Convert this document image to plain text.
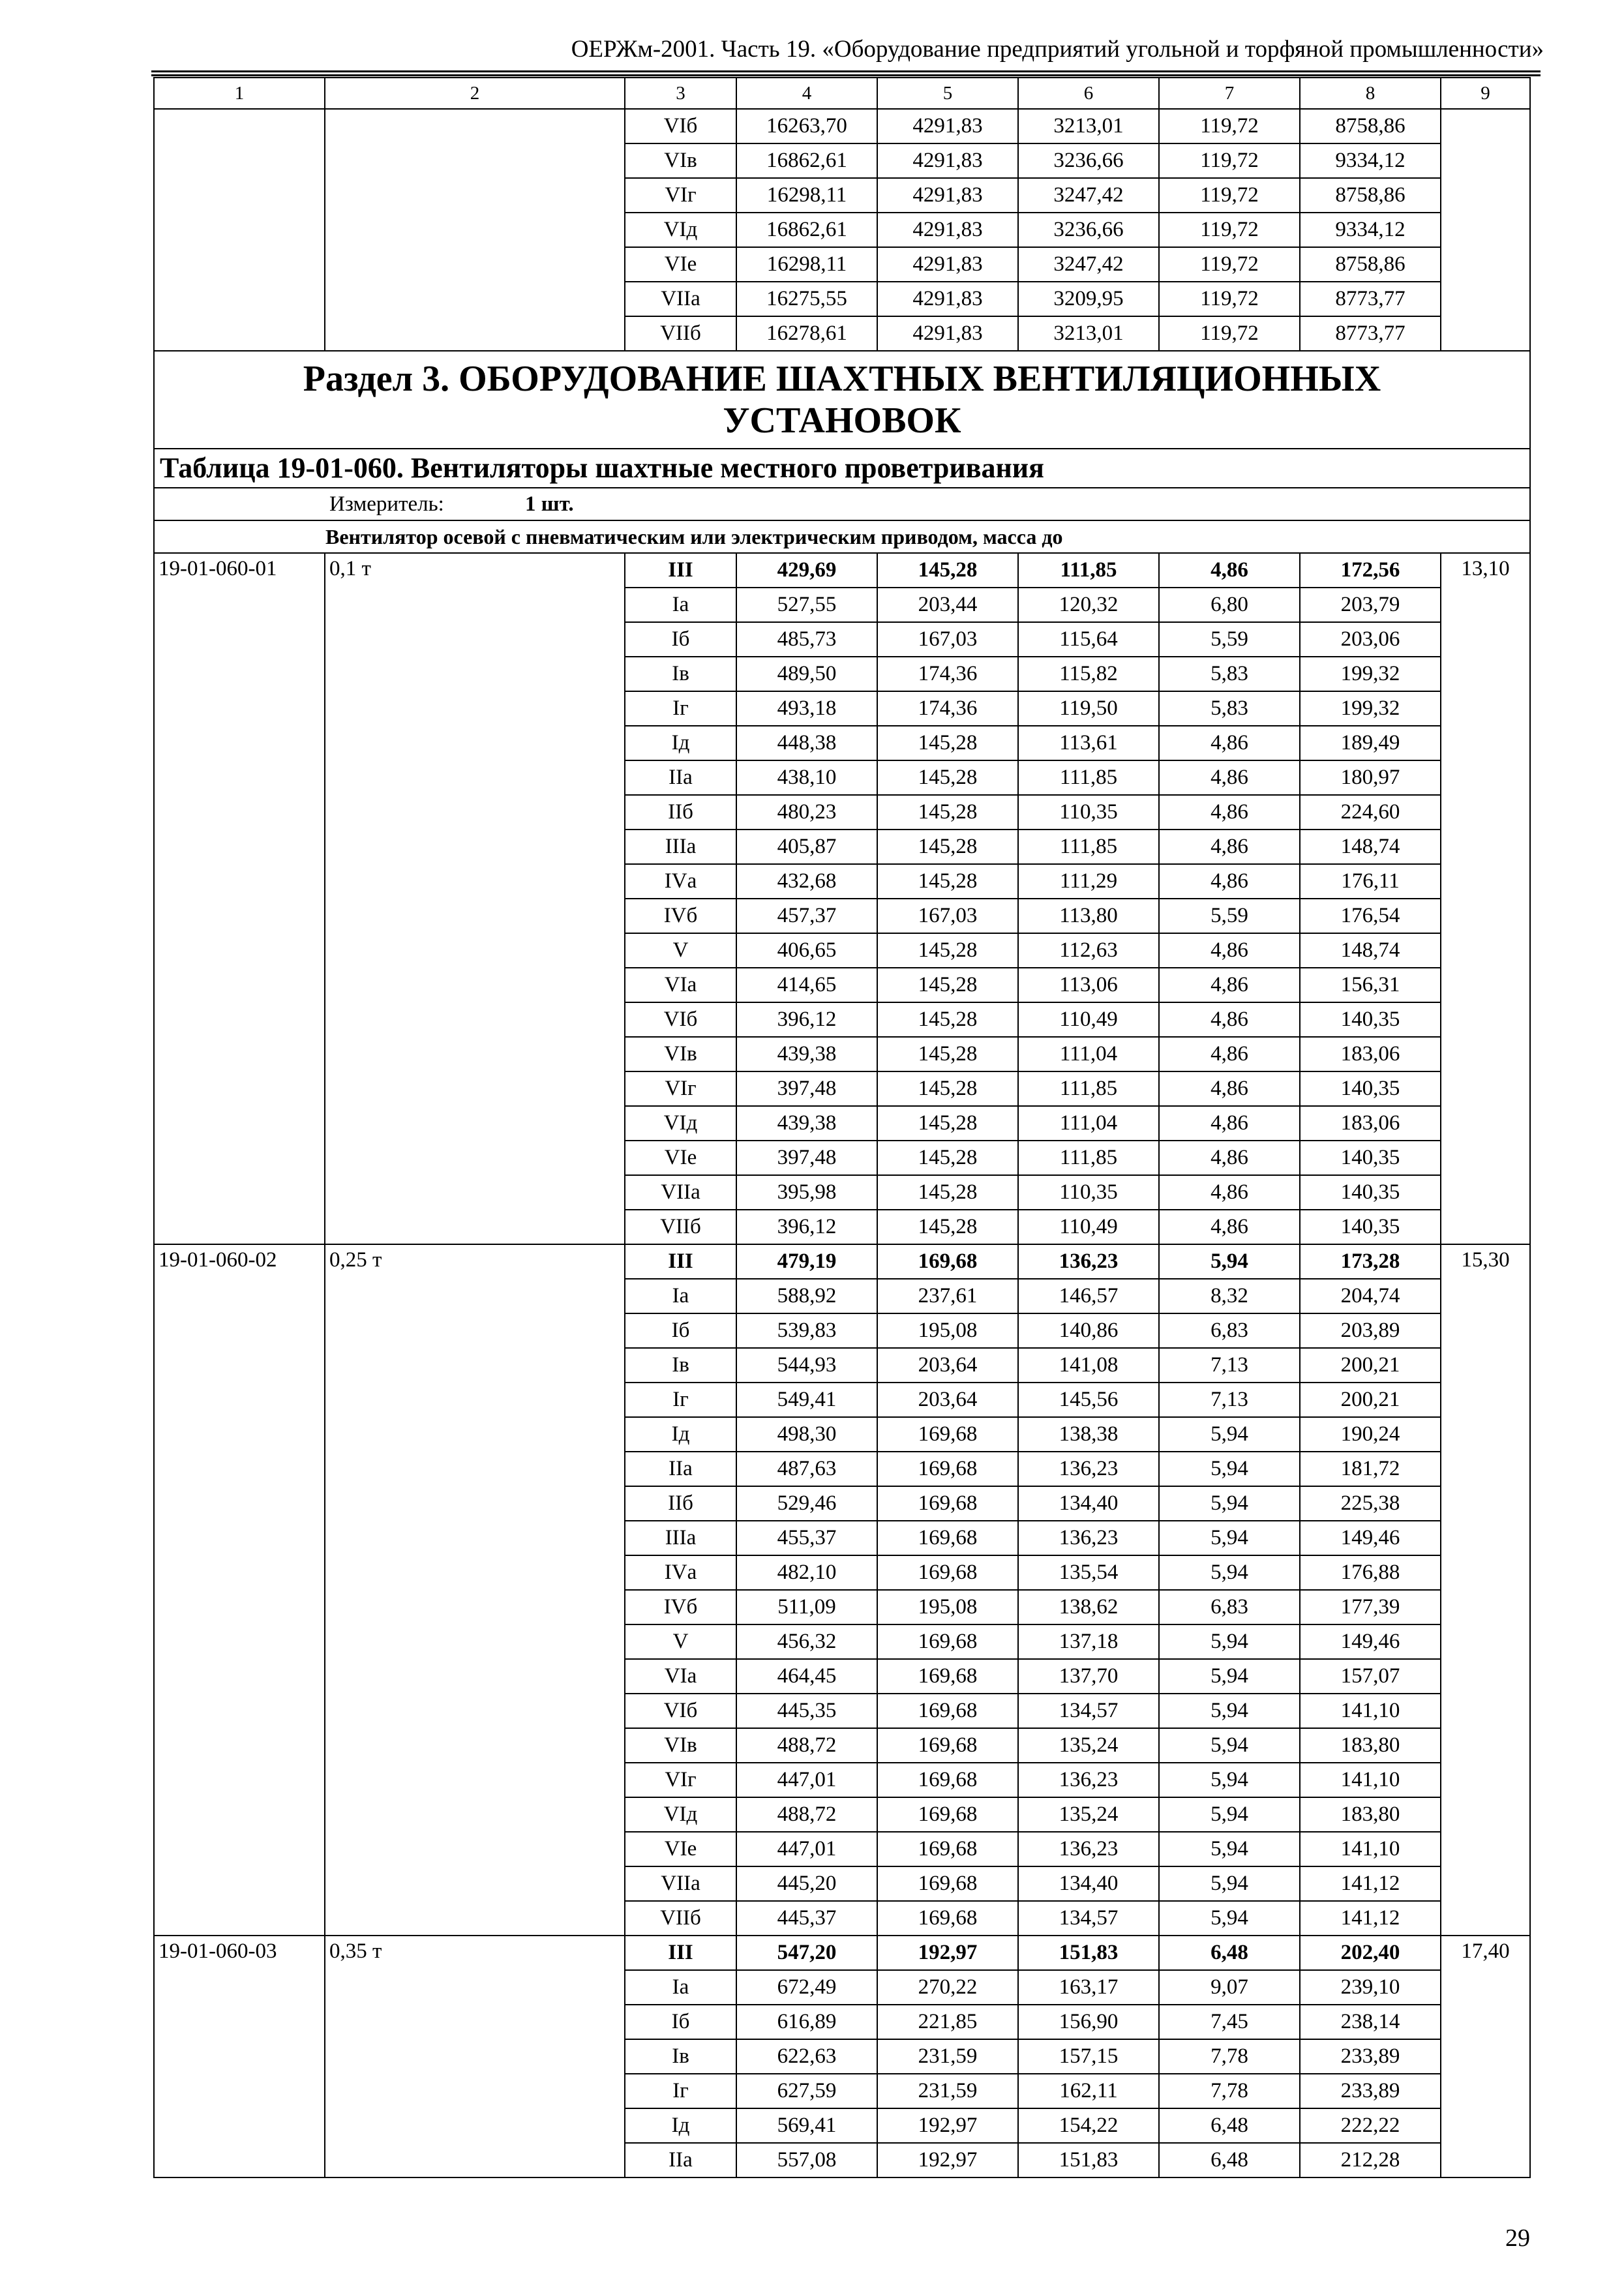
ОЕРЖм-2001. Часть 19. «Оборудование предприятий угольной и торфяной промышленности»
1	2	3	4	5	6	7	8	9
		VIб	16263,70	4291,83	3213,01	119,72	8758,86	
		VIв	16862,61	4291,83	3236,66	119,72	9334,12	
		VIг	16298,11	4291,83	3247,42	119,72	8758,86	
		VIд	16862,61	4291,83	3236,66	119,72	9334,12	
		VIе	16298,11	4291,83	3247,42	119,72	8758,86	
		VIIа	16275,55	4291,83	3209,95	119,72	8773,77	
		VIIб	16278,61	4291,83	3213,01	119,72	8773,77	
Раздел 3. ОБОРУДОВАНИЕ ШАХТНЫХ ВЕНТИЛЯЦИОННЫХ УСТАНОВОК								
Таблица 19-01-060. Вентиляторы шахтные местного проветривания								
Измеритель: 1 шт.								
Вентилятор осевой с пневматическим или электрическим приводом, масса до								
19-01-060-01	0,1 т	III	429,69	145,28	111,85	4,86	172,56	13,10
		Iа	527,55	203,44	120,32	6,80	203,79	
		Iб	485,73	167,03	115,64	5,59	203,06	
		Iв	489,50	174,36	115,82	5,83	199,32	
		Iг	493,18	174,36	119,50	5,83	199,32	
		Iд	448,38	145,28	113,61	4,86	189,49	
		IIа	438,10	145,28	111,85	4,86	180,97	
		IIб	480,23	145,28	110,35	4,86	224,60	
		IIIа	405,87	145,28	111,85	4,86	148,74	
		IVа	432,68	145,28	111,29	4,86	176,11	
		IVб	457,37	167,03	113,80	5,59	176,54	
		V	406,65	145,28	112,63	4,86	148,74	
		VIа	414,65	145,28	113,06	4,86	156,31	
		VIб	396,12	145,28	110,49	4,86	140,35	
		VIв	439,38	145,28	111,04	4,86	183,06	
		VIг	397,48	145,28	111,85	4,86	140,35	
		VIд	439,38	145,28	111,04	4,86	183,06	
		VIе	397,48	145,28	111,85	4,86	140,35	
		VIIа	395,98	145,28	110,35	4,86	140,35	
		VIIб	396,12	145,28	110,49	4,86	140,35	
19-01-060-02	0,25 т	III	479,19	169,68	136,23	5,94	173,28	15,30
		Iа	588,92	237,61	146,57	8,32	204,74	
		Iб	539,83	195,08	140,86	6,83	203,89	
		Iв	544,93	203,64	141,08	7,13	200,21	
		Iг	549,41	203,64	145,56	7,13	200,21	
		Iд	498,30	169,68	138,38	5,94	190,24	
		IIа	487,63	169,68	136,23	5,94	181,72	
		IIб	529,46	169,68	134,40	5,94	225,38	
		IIIа	455,37	169,68	136,23	5,94	149,46	
		IVа	482,10	169,68	135,54	5,94	176,88	
		IVб	511,09	195,08	138,62	6,83	177,39	
		V	456,32	169,68	137,18	5,94	149,46	
		VIа	464,45	169,68	137,70	5,94	157,07	
		VIб	445,35	169,68	134,57	5,94	141,10	
		VIв	488,72	169,68	135,24	5,94	183,80	
		VIг	447,01	169,68	136,23	5,94	141,10	
		VIд	488,72	169,68	135,24	5,94	183,80	
		VIе	447,01	169,68	136,23	5,94	141,10	
		VIIа	445,20	169,68	134,40	5,94	141,12	
		VIIб	445,37	169,68	134,57	5,94	141,12	
19-01-060-03	0,35 т	III	547,20	192,97	151,83	6,48	202,40	17,40
		Iа	672,49	270,22	163,17	9,07	239,10	
		Iб	616,89	221,85	156,90	7,45	238,14	
		Iв	622,63	231,59	157,15	7,78	233,89	
		Iг	627,59	231,59	162,11	7,78	233,89	
		Iд	569,41	192,97	154,22	6,48	222,22	
		IIа	557,08	192,97	151,83	6,48	212,28	
29
